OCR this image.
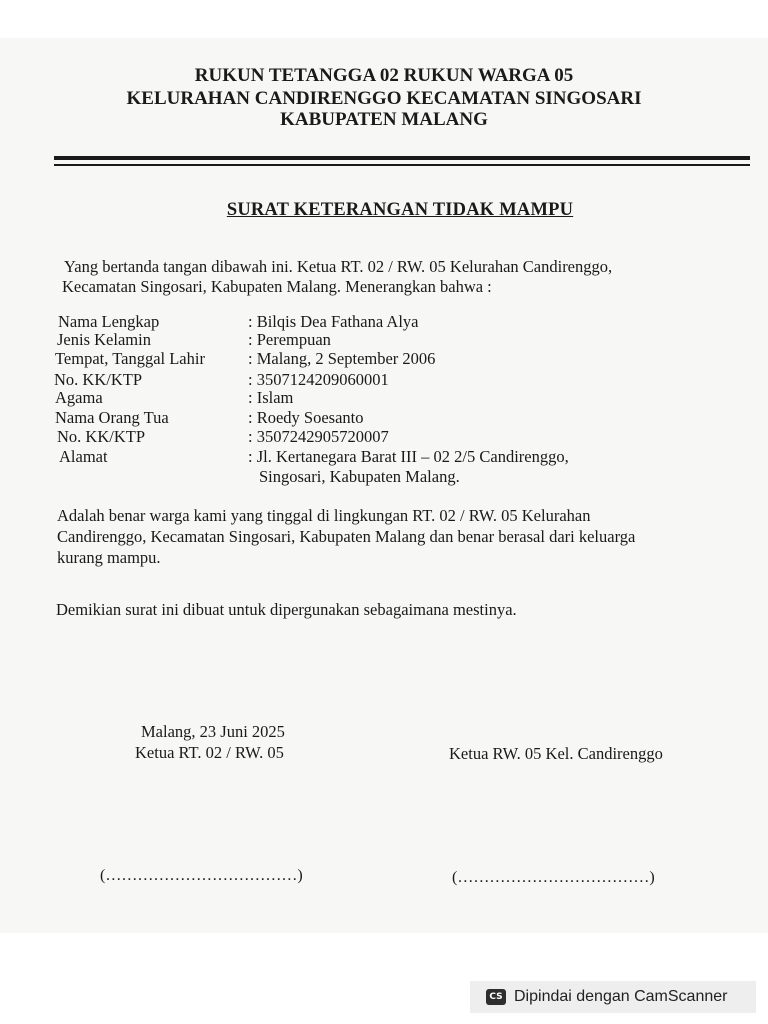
RUKUN TETANGGA 02 RUKUN WARGA 05
KELURAHAN CANDIRENGGO KECAMATAN SINGOSARI
KABUPATEN MALANG
SURAT KETERANGAN TIDAK MAMPU
Yang bertanda tangan dibawah ini. Ketua RT. 02 / RW. 05 Kelurahan Candirenggo,
Kecamatan Singosari, Kabupaten Malang. Menerangkan bahwa :
Nama Lengkap	: Bilqis Dea Fathana Alya
Jenis Kelamin	: Perempuan
Tempat, Tanggal Lahir	: Malang, 2 September 2006
No. KK/KTP	: 3507124209060001
Agama	: Islam
Nama Orang Tua	: Roedy Soesanto
No. KK/KTP	: 3507242905720007
Alamat	: Jl. Kertanegara Barat III – 02 2/5 Candirenggo,
Singosari, Kabupaten Malang.
Adalah benar warga kami yang tinggal di lingkungan RT. 02 / RW. 05 Kelurahan
Candirenggo, Kecamatan Singosari, Kabupaten Malang dan benar berasal dari keluarga
kurang mampu.
Demikian surat ini dibuat untuk dipergunakan sebagaimana mestinya.
Malang, 23 Juni 2025
Ketua RT. 02 / RW. 05	Ketua RW. 05 Kel. Candirenggo
(………………………………)	(………………………………)
CS Dipindai dengan CamScanner
